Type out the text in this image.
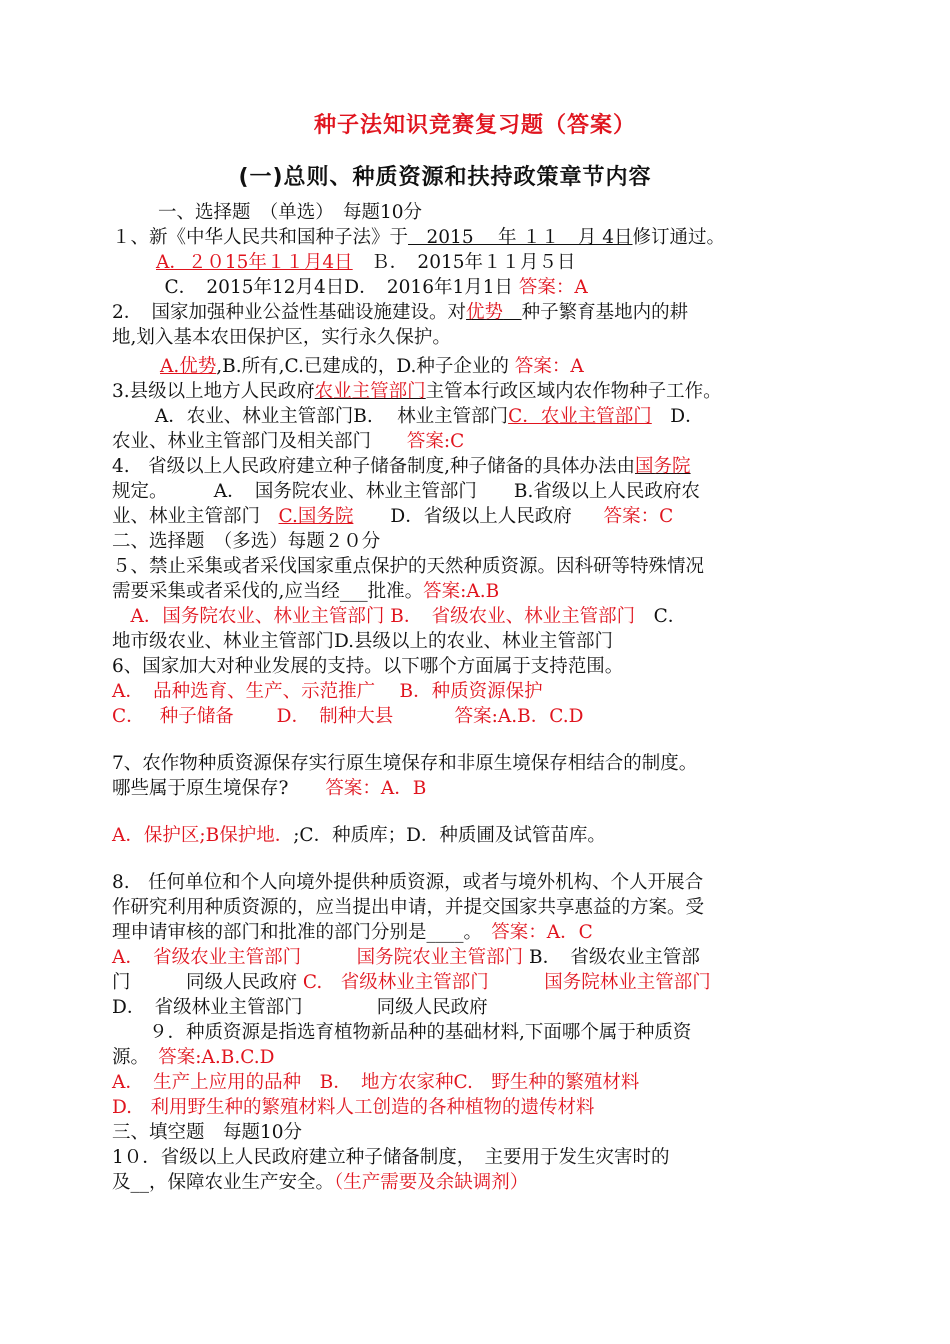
种子法知识竞赛复习题（答案）
(一)总则、种质资源和扶持政策章节内容
一、选择题　（单选）　每题10分
１、新《中华人民共和国种子法》于　2015　 年 １１　月 4日修订通过。
A．２０15年１１月4日　Ｂ．　2015年１１月５日
　C．　2015年12月4日D．　2016年1月1日 答案：A
2．　国家加强种业公益性基础设施建设。对优势　 种子繁育基地内的耕
地,划入基本农田保护区，实行永久保护。
A.优势,B.所有,C.已建成的，D.种子企业的 答案：A
3.县级以上地方人民政府农业主管部门主管本行政区域内农作物种子工作。
　　 A．农业、林业主管部门B.　 林业主管部门C．农业主管部门　D．
农业、林业主管部门及相关部门 答案:C
4.　省级以上人民政府建立种子储备制度,种子储备的具体办法由国务院
规定。　　　A．　国务院农业、林业主管部门　　B.省级以上人民政府农
业、林业主管部门　C.国务院　　D．省级以上人民政府 答案：C
二、选择题　（多选）每题２０分
５、禁止采集或者采伐国家重点保护的天然种质资源。因科研等特殊情况
需要采集或者采伐的,应当经___批准。答案:A.B
　A．国务院农业、林业主管部门 B．　省级农业、林业主管部门　C．
地市级农业、林业主管部门D.县级以上的农业、林业主管部门
6、国家加大对种业发展的支持。以下哪个方面属于支持范围。
A．　品种选育、生产、示范推广　 B．种质资源保护
C．　 种子储备　　 D．　制种大县　　　 答案:A.B．C.D
7、农作物种质资源保存实行原生境保存和非原生境保存相结合的制度。
哪些属于原生境保存?　　答案：A．B
A．保护区;B保护地．;C．种质库；D．种质圃及试管苗库。
8.　任何单位和个人向境外提供种质资源，或者与境外机构、个人开展合
作研究利用种质资源的，应当提出申请，并提交国家共享惠益的方案。受
理申请审核的部门和批准的部门分别是____。　答案：A．C
A．　省级农业主管部门　　　国务院农业主管部门 B．　省级农业主管部
门　　　同级人民政府 C.　省级林业主管部门　　　国务院林业主管部门
D．　省级林业主管部门　　　　同级人民政府
　　９．种质资源是指选育植物新品种的基础材料,下面哪个属于种质资
源。　答案:A.B.C.D
A．　生产上应用的品种　B．　地方农家种C.　野生种的繁殖材料
D.　利用野生种的繁殖材料人工创造的各种植物的遗传材料
三、填空题　每题10分
1０．省级以上人民政府建立种子储备制度，　主要用于发生灾害时的
及__，保障农业生产安全。（生产需要及余缺调剂）
